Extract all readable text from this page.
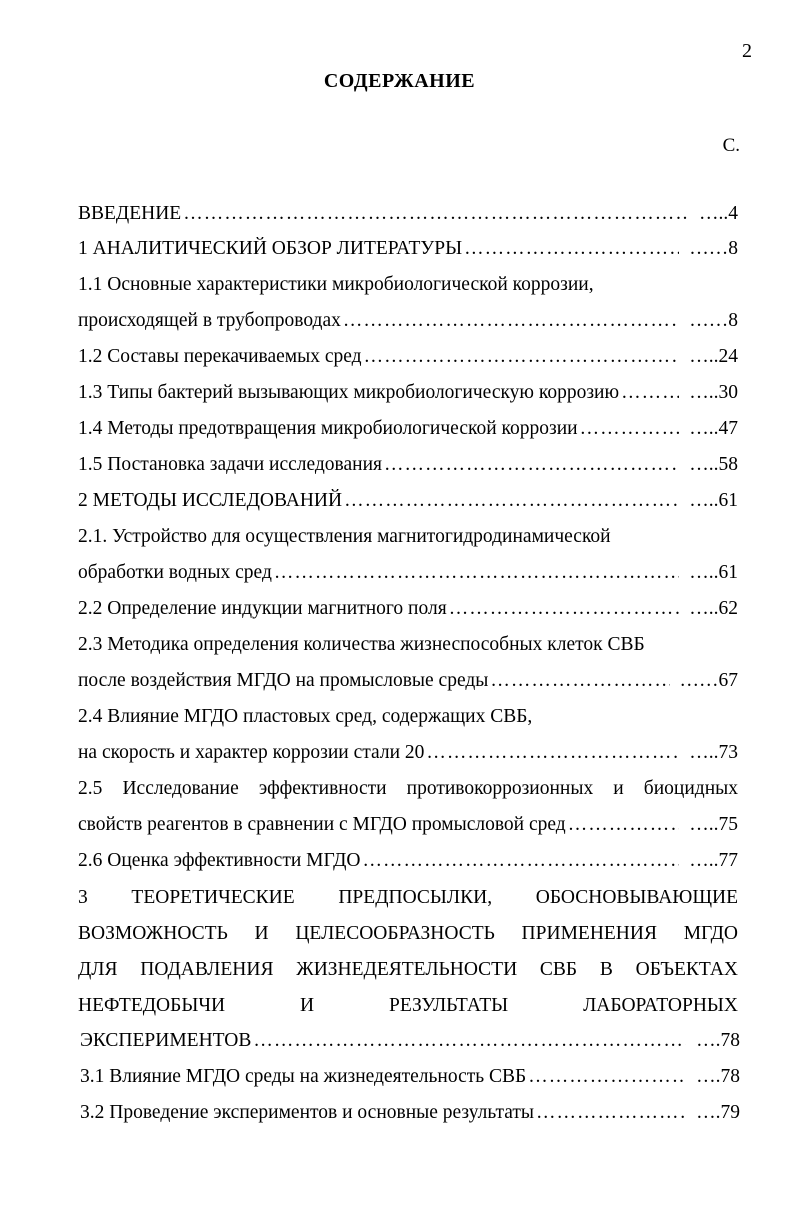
2
СОДЕРЖАНИЕ
С.
ВВЕДЕНИЕ ……………………………………………………………………………………………………………………………………………………	…..4
1 АНАЛИТИЧЕСКИЙ ОБЗОР ЛИТЕРАТУРЫ ……………………………………………………………………………………………………………………………………………………	……8
1.1 Основные характеристики микробиологической коррозии,
происходящей в трубопроводах ……………………………………………………………………………………………………………………………………………………	……8
1.2 Составы перекачиваемых сред ……………………………………………………………………………………………………………………………………………………	…..24
1.3 Типы бактерий вызывающих микробиологическую коррозию ……………………………………………………………………………………………………………………………………………………	…..30
1.4 Методы предотвращения микробиологической коррозии ……………………………………………………………………………………………………………………………………………………	…..47
1.5 Постановка задачи исследования ……………………………………………………………………………………………………………………………………………………	…..58
2 МЕТОДЫ ИССЛЕДОВАНИЙ ……………………………………………………………………………………………………………………………………………………	…..61
2.1. Устройство для осуществления магнитогидродинамической
обработки водных сред ……………………………………………………………………………………………………………………………………………………	…..61
2.2 Определение индукции магнитного поля ……………………………………………………………………………………………………………………………………………………	…..62
2.3 Методика определения количества жизнеспособных клеток СВБ
после воздействия МГДО на промысловые среды ……………………………………………………………………………………………………………………………………………………	……67
2.4 Влияние МГДО пластовых сред, содержащих СВБ,
на скорость и характер коррозии стали 20 ……………………………………………………………………………………………………………………………………………………	…..73
2.5 Исследование эффективности противокоррозионных и биоцидных
свойств реагентов в сравнении с МГДО промысловой сред ……………………………………………………………………………………………………………………………………………………	…..75
2.6 Оценка эффективности МГДО ……………………………………………………………………………………………………………………………………………………	…..77
3 ТЕОРЕТИЧЕСКИЕ ПРЕДПОСЫЛКИ, ОБОСНОВЫВАЮЩИЕ
ВОЗМОЖНОСТЬ И ЦЕЛЕСООБРАЗНОСТЬ ПРИМЕНЕНИЯ МГДО
ДЛЯ ПОДАВЛЕНИЯ ЖИЗНЕДЕЯТЕЛЬНОСТИ СВБ В ОБЪЕКТАХ
НЕФТЕДОБЫЧИ И РЕЗУЛЬТАТЫ ЛАБОРАТОРНЫХ
ЭКСПЕРИМЕНТОВ ……………………………………………………………………………………………………………………………………………………	….78
3.1 Влияние МГДО среды на жизнедеятельность СВБ ……………………………………………………………………………………………………………………………………………………	….78
3.2 Проведение экспериментов и основные результаты ……………………………………………………………………………………………………………………………………………………	….79
